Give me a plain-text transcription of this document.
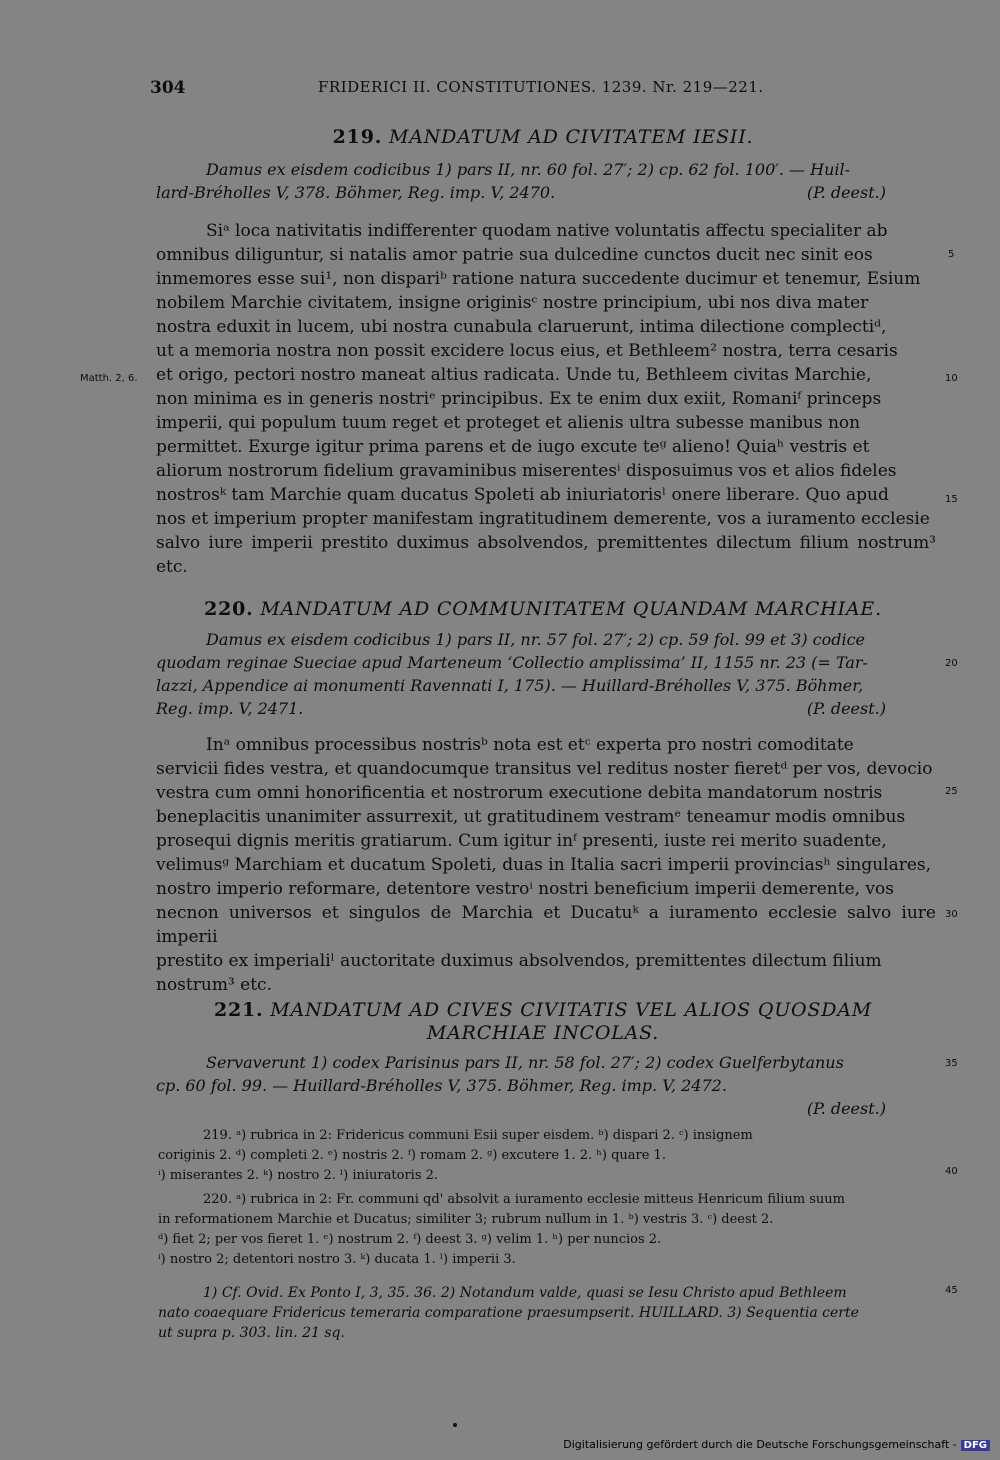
304	FRIDERICI II. CONSTITUTIONES. 1239. Nr. 219—221.
219. MANDATUM AD CIVITATEM IESII.

Damus ex eisdem codicibus 1) pars II, nr. 60 fol. 27′; 2) cp. 62 fol. 100′. — Huil-

lard-Bréholles V, 378. Böhmer, Reg. imp. V, 2470.	(P. deest.)

Siᵃ loca nativitatis indifferenter quodam native voluntatis affectu specialiter ab

omnibus diliguntur, si natalis amor patrie sua dulcedine cunctos ducit nec sinit eos

inmemores esse sui¹, non dispariᵇ ratione natura succedente ducimur et tenemur, Esium

nobilem Marchie civitatem, insigne originisᶜ nostre principium, ubi nos diva mater

nostra eduxit in lucem, ubi nostra cunabula claruerunt, intima dilectione complectiᵈ,

ut a memoria nostra non possit excidere locus eius, et Bethleem² nostra, terra cesaris

et origo, pectori nostro maneat altius radicata. Unde tu, Bethleem civitas Marchie,

non minima es in generis nostriᵉ principibus. Ex te enim dux exiit, Romaniᶠ princeps

imperii, qui populum tuum reget et proteget et alienis ultra subesse manibus non

permittet. Exurge igitur prima parens et de iugo excute teᵍ alieno! Quiaʰ vestris et

aliorum nostrorum fidelium gravaminibus miserentesⁱ disposuimus vos et alios fideles

nostrosᵏ tam Marchie quam ducatus Spoleti ab iniuriatorisˡ onere liberare. Quo apud

nos et imperium propter manifestam ingratitudinem demerente, vos a iuramento ecclesie

salvo iure imperii prestito duximus absolvendos, premittentes dilectum filium nostrum³ etc.

Matth. 2, 6.
220. MANDATUM AD COMMUNITATEM QUANDAM MARCHIAE.

Damus ex eisdem codicibus 1) pars II, nr. 57 fol. 27′; 2) cp. 59 fol. 99 et 3) codice

quodam reginae Sueciae apud Marteneum ‘Collectio amplissima’ II, 1155 nr. 23 (= Tar-

lazzi, Appendice ai monumenti Ravennati I, 175). — Huillard-Bréholles V, 375. Böhmer,

Reg. imp. V, 2471.	(P. deest.)

Inᵃ omnibus processibus nostrisᵇ nota est etᶜ experta pro nostri comoditate

servicii fides vestra, et quandocumque transitus vel reditus noster fieretᵈ per vos, devocio

vestra cum omni honorificentia et nostrorum executione debita mandatorum nostris

beneplacitis unanimiter assurrexit, ut gratitudinem vestramᵉ teneamur modis omnibus

prosequi dignis meritis gratiarum. Cum igitur inᶠ presenti, iuste rei merito suadente,

velimusᵍ Marchiam et ducatum Spoleti, duas in Italia sacri imperii provinciasʰ singulares,

nostro imperio reformare, detentore vestroⁱ nostri beneficium imperii demerente, vos

necnon universos et singulos de Marchia et Ducatuᵏ a iuramento ecclesie salvo iure imperii

prestito ex imperialiˡ auctoritate duximus absolvendos, premittentes dilectum filium

nostrum³ etc.

221. MANDATUM AD CIVES CIVITATIS VEL ALIOS QUOSDAM
MARCHIAE INCOLAS.

Servaverunt 1) codex Parisinus pars II, nr. 58 fol. 27′; 2) codex Guelferbytanus

cp. 60 fol. 99. — Huillard-Bréholles V, 375. Böhmer, Reg. imp. V, 2472.

(P. deest.)

219. ᵃ) rubrica in 2: Fridericus communi Esii super eisdem. ᵇ) dispari 2. ᶜ) insignem

coriginis 2. ᵈ) completi 2. ᵉ) nostris 2. ᶠ) romam 2. ᵍ) excutere 1. 2. ʰ) quare 1.

ⁱ) miserantes 2. ᵏ) nostro 2. ˡ) iniuratoris 2.

220. ᵃ) rubrica in 2: Fr. communi qd' absolvit a iuramento ecclesie mitteus Henricum filium suum

in reformationem Marchie et Ducatus; similiter 3; rubrum nullum in 1. ᵇ) vestris 3. ᶜ) deest 2.

ᵈ) fiet 2; per vos fieret 1. ᵉ) nostrum 2. ᶠ) deest 3. ᵍ) velim 1. ʰ) per nuncios 2.

ⁱ) nostro 2; detentori nostro 3. ᵏ) ducata 1. ˡ) imperii 3.

1) Cf. Ovid. Ex Ponto I, 3, 35. 36. 2) Notandum valde, quasi se Iesu Christo apud Bethleem

nato coaequare Fridericus temeraria comparatione praesumpserit. HUILLARD. 3) Sequentia certe

ut supra p. 303. lin. 21 sq.

5
10
15
20
25
30
35
40
45
Digitalisierung gefördert durch die Deutsche Forschungsgemeinschaft - DFG
